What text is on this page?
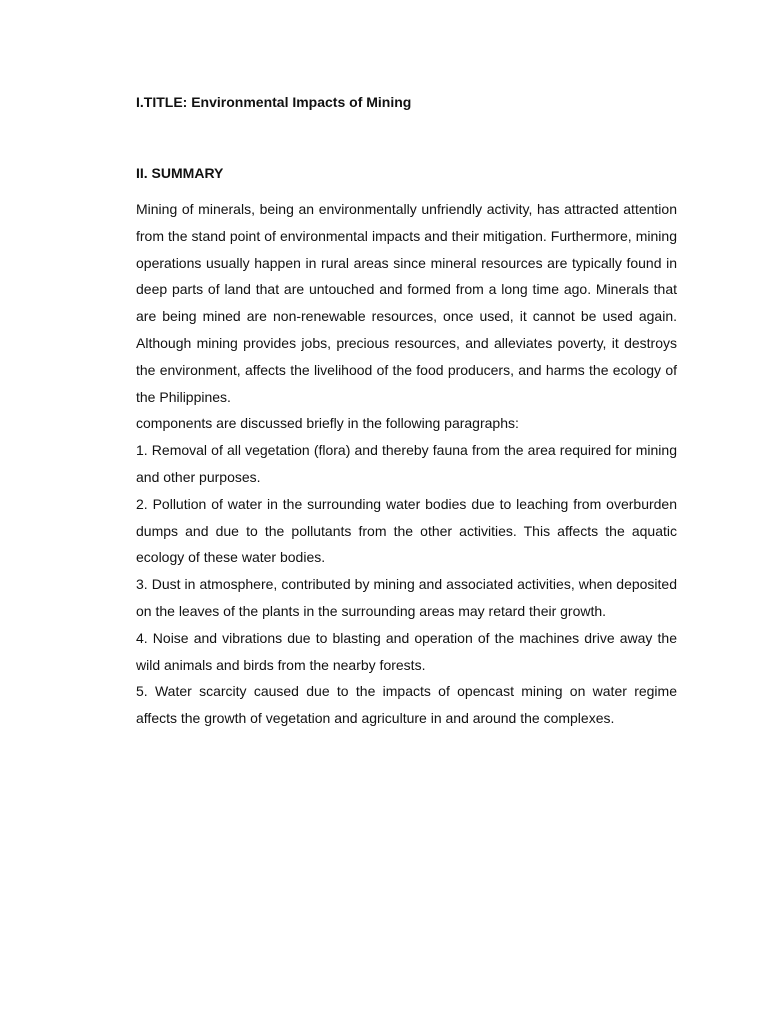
I.TITLE: Environmental Impacts of Mining
II. SUMMARY

Mining of minerals, being an environmentally unfriendly activity, has attracted attention from the stand point of environmental impacts and their mitigation. Furthermore, mining operations usually happen in rural areas since mineral resources are typically found in deep parts of land that are untouched and formed from a long time ago. Minerals that are being mined are non-renewable resources, once used, it cannot be used again. Although mining provides jobs, precious resources, and alleviates poverty, it destroys the environment, affects the livelihood of the food producers, and harms the ecology of the Philippines.

components are discussed briefly in the following paragraphs:

1. Removal of all vegetation (flora) and thereby fauna from the area required for mining and other purposes.

2. Pollution of water in the surrounding water bodies due to leaching from overburden dumps and due to the pollutants from the other activities. This affects the aquatic ecology of these water bodies.

3. Dust in atmosphere, contributed by mining and associated activities, when deposited on the leaves of the plants in the surrounding areas may retard their growth.

4. Noise and vibrations due to blasting and operation of the machines drive away the wild animals and birds from the nearby forests.

5. Water scarcity caused due to the impacts of opencast mining on water regime affects the growth of vegetation and agriculture in and around the complexes.
